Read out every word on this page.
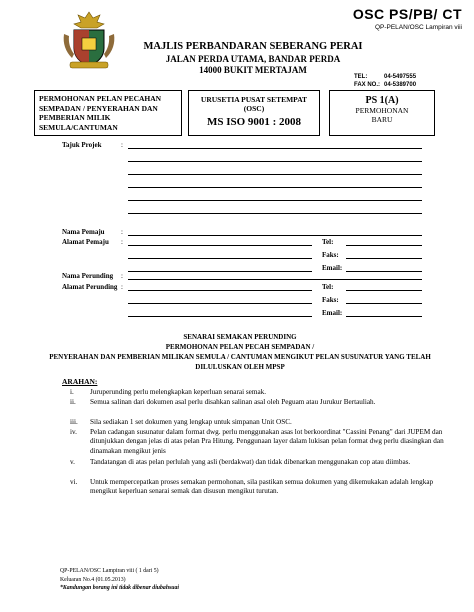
OSC PS/PB/ CT
QP-PELAN/OSC Lampiran viii
MAJLIS PERBANDARAN SEBERANG PERAI
JALAN PERDA UTAMA, BANDAR PERDA
14000 BUKIT MERTAJAM
TEL:	04-5497555
FAX NO.: 04-5389700
PERMOHONAN PELAN PECAHAN
SEMPADAN / PENYERAHAN DAN
PEMBERIAN MILIK
SEMULA/CANTUMAN
URUSETIA PUSAT SETEMPAT
(OSC)
MS ISO 9001 : 2008
PS 1(A)
PERMOHONAN
BARU
Tajuk Projek	:
Nama Pemaju :
Alamat Pemaju :	Tel:
Faks:
Email:
Nama Perunding :
Alamat Perunding :	Tel:
Faks:
Email:
SENARAI SEMAKAN PERUNDING
PERMOHONAN PELAN PECAH SEMPADAN /
PENYERAHAN DAN PEMBERIAN MILIKAN SEMULA / CANTUMAN MENGIKUT PELAN SUSUNATUR YANG TELAH
DILULUSKAN OLEH MPSP
ARAHAN:
i.	Juruperunding perlu melengkapkan keperluan senarai semak.
ii.	Semua salinan dari dokumen asal perlu disahkan salinan asal oleh Peguam atau Jurukur Bertauliah.
iii.	Sila sediakan 1 set dokumen yang lengkap untuk simpanan Unit OSC.
iv.	Pelan cadangan susunatur dalam format dwg. perlu menggunakan asas lot berkoordinat "Cassini Penang" dari JUPEM dan ditunjukkan dengan jelas di atas pelan Pra Hitung. Penggunaan layer dalam lukisan pelan format dwg perlu diasingkan dan dinamakan mengikut jenis
v.	Tandatangan di atas pelan perlulah yang asli (berdakwat) dan tidak dibenarkan menggunakan cop atau diimbas.
vi.	Untuk mempercepatkan proses semakan permohonan, sila pastikan semua dokumen yang dikemukakan adalah lengkap mengikut keperluan senarai semak dan disusun mengikut turutan.
QP-PELAN/OSC Lampiran viii ( 1 dari 5)
Keluaran No.4 (01.05.2013)
*Kandungan borang ini tidak dibenar diubahsuai
